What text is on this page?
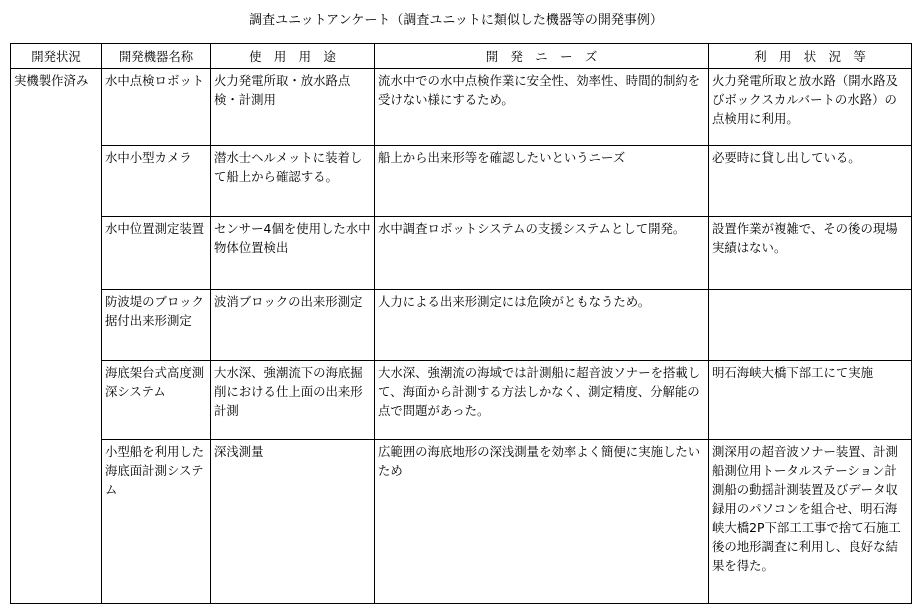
調査ユニットアンケート（調査ユニットに類似した機器等の開発事例）
開発状況	開発機器名称	使　用　用　途	開　発　ニ　ー　ズ	利　用　状　況　等
実機製作済み	水中点検ロボット	火力発電所取・放水路点検・計測用	流水中での水中点検作業に安全性、効率性、時間的制約を受けない様にするため。	火力発電所取と放水路（開水路及びボックスカルバートの水路）の点検用に利用。
	水中小型カメラ	潜水士ヘルメットに装着して船上から確認する。	船上から出来形等を確認したいというニーズ	必要時に貸し出している。
	水中位置測定装置	センサー4個を使用した水中物体位置検出	水中調査ロボットシステムの支援システムとして開発。	設置作業が複雑で、その後の現場実績はない。
	防波堤のブロック据付出来形測定	波消ブロックの出来形測定	人力による出来形測定には危険がともなうため。	
	海底架台式高度測深システム	大水深、強潮流下の海底掘削における仕上面の出来形計測	大水深、強潮流の海域では計測船に超音波ソナーを搭載して、海面から計測する方法しかなく、測定精度、分解能の点で問題があった。	明石海峡大橋下部工にて実施
	小型船を利用した海底面計測システム	深浅測量	広範囲の海底地形の深浅測量を効率よく簡便に実施したいため	測深用の超音波ソナー装置、計測船測位用トータルステーション計測船の動揺計測装置及びデータ収録用のパソコンを組合せ、明石海峡大橋2P下部工工事で捨て石施工後の地形調査に利用し、良好な結果を得た。
